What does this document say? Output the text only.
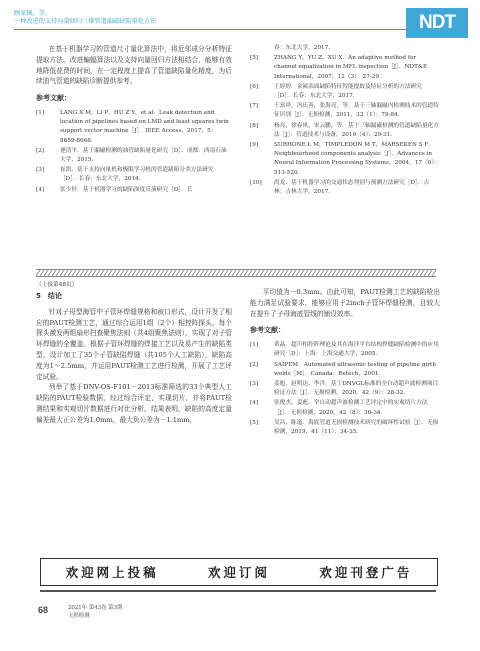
顾家铖，等。
一种改进的支持向量回归三维管道漏磁缺陷量化方法	NDT

在基于机器学习的管道尺寸量化算法中，将近邻成分分析特征提取方法、改进蝙蝠算法以及支持向量回归方法相结合，能够有效地降低花费的时间，在一定程度上提高了管道缺陷量化精度，为后续油气管道的缺陷诊断提供参考。

参考文献：
[1]	LANG X M，LI P，HU Z Y，et al．Leak detection and location of pipelines based on LMD and least squares twin support vector machine［J］．IEEE Access，2017，5：8659-8668．
[2]	逄清平．基于漏磁检测的油管缺陷量化研究［D］．成都：西南石油大学，2015．
[3]	崔凯．基于支持向量机和极限学习机的管道缺陷分类方法研究［D］．长春：东北大学，2014．
[4]	张少轩．基于机器学习的缺陷深度反演研究［D］．长
春：东北大学，2017．
[5]	ZHANG Y，YU Z，XU X．An adaptive method for channel equalization in MFL inspection［J］．NDT&E International，2007，12（3）：27-29．
[6]	王婷婷．金属表面缺陷特征智能提取及特征分析的方法研究［D］．长春：东北大学，2017．
[7]	王富祥，冯庆善，张海亮，等．基于三轴漏磁内检测技术的管道特征识别［J］．无损检测，2011，33（1）：79-84．
[8]	杨亮，徐春风，宋云鹏，等．基于三轴漏磁检测的管道缺陷量化方法［J］．管道技术与设备，2019（4）：29-31．
[9]	SURHONE L M，TIMPLEDON M T，MARSEKEN S F．Neighbourhood components analysis［J］．Advances in Neural Information Processing Systems，2004，17（6）：513-520．
[10]	尚龙．基于机器学习的交通状态判别与预测方法研究［D］．吉林：吉林大学，2017．
（上接第48页）
5　结论

针对子母型海管中子管环焊缝规格和被口形式，设计开发了相应的PAUT检测工艺，通过综合运用1组（2个）相控阵探头，每个探头激发两组扇形扫查聚焦法则（共4组聚焦法则），实现了对子管环焊缝的全覆盖。根据子管环焊缝的焊接工艺以及易产生的缺陷类型，设计加工了35个子管缺陷焊缝（共105个人工缺陷），缺陷高度为1～2.5mm，并运用PAUT检测工艺进行检测，开展了工艺评定试验。

列举了基于DNV-OS-F101－2013标准筛选的33个典型人工缺陷的PAUT检验数据，经过综合评定，实现切片，并将PAUT检测结果和实观切片数据进行对比分析，结果表明，缺陷的高度定量偏差最大正公差为1.0mm，最大负公差为－1.1mm，

平均值为－0.3mm。由此可知，PAUT检测工艺的缺陷检出能力满足试验要求，能够应用于2inch子管环焊缝检测，且较大在提升了子母海底管线的铺设效率。

参考文献：
[1]	黄晶．超声相控阵理论及其在海洋平台结构焊缝缺陷检测中的应用研究［D］．上海：上海交通大学，2005．
[2]	SAIPEM．Automated ultrasonic testing of pipeline girth welds［M］．Canada：Retech，2001．
[3]	姜彪，赵明达，李洋．基于DNVGL标准的全自动超声波检测项目验证方法［J］．无损检测，2020，42（9）：28-32．
[4]	张俊杰，姜彪．全自动超声波检测工艺评定中的实观切片方法［J］．无损检测，2020，42（8）：30-34．
[5]	吴昌，陈迤．海底管道无损检测技术研究的破坏性试验［J］．无损检测，2019，41（11）：34-35．
欢迎网上投稿	欢迎订阅	欢迎刊登广告
68	2021年 第43卷 第3期
无损检测
